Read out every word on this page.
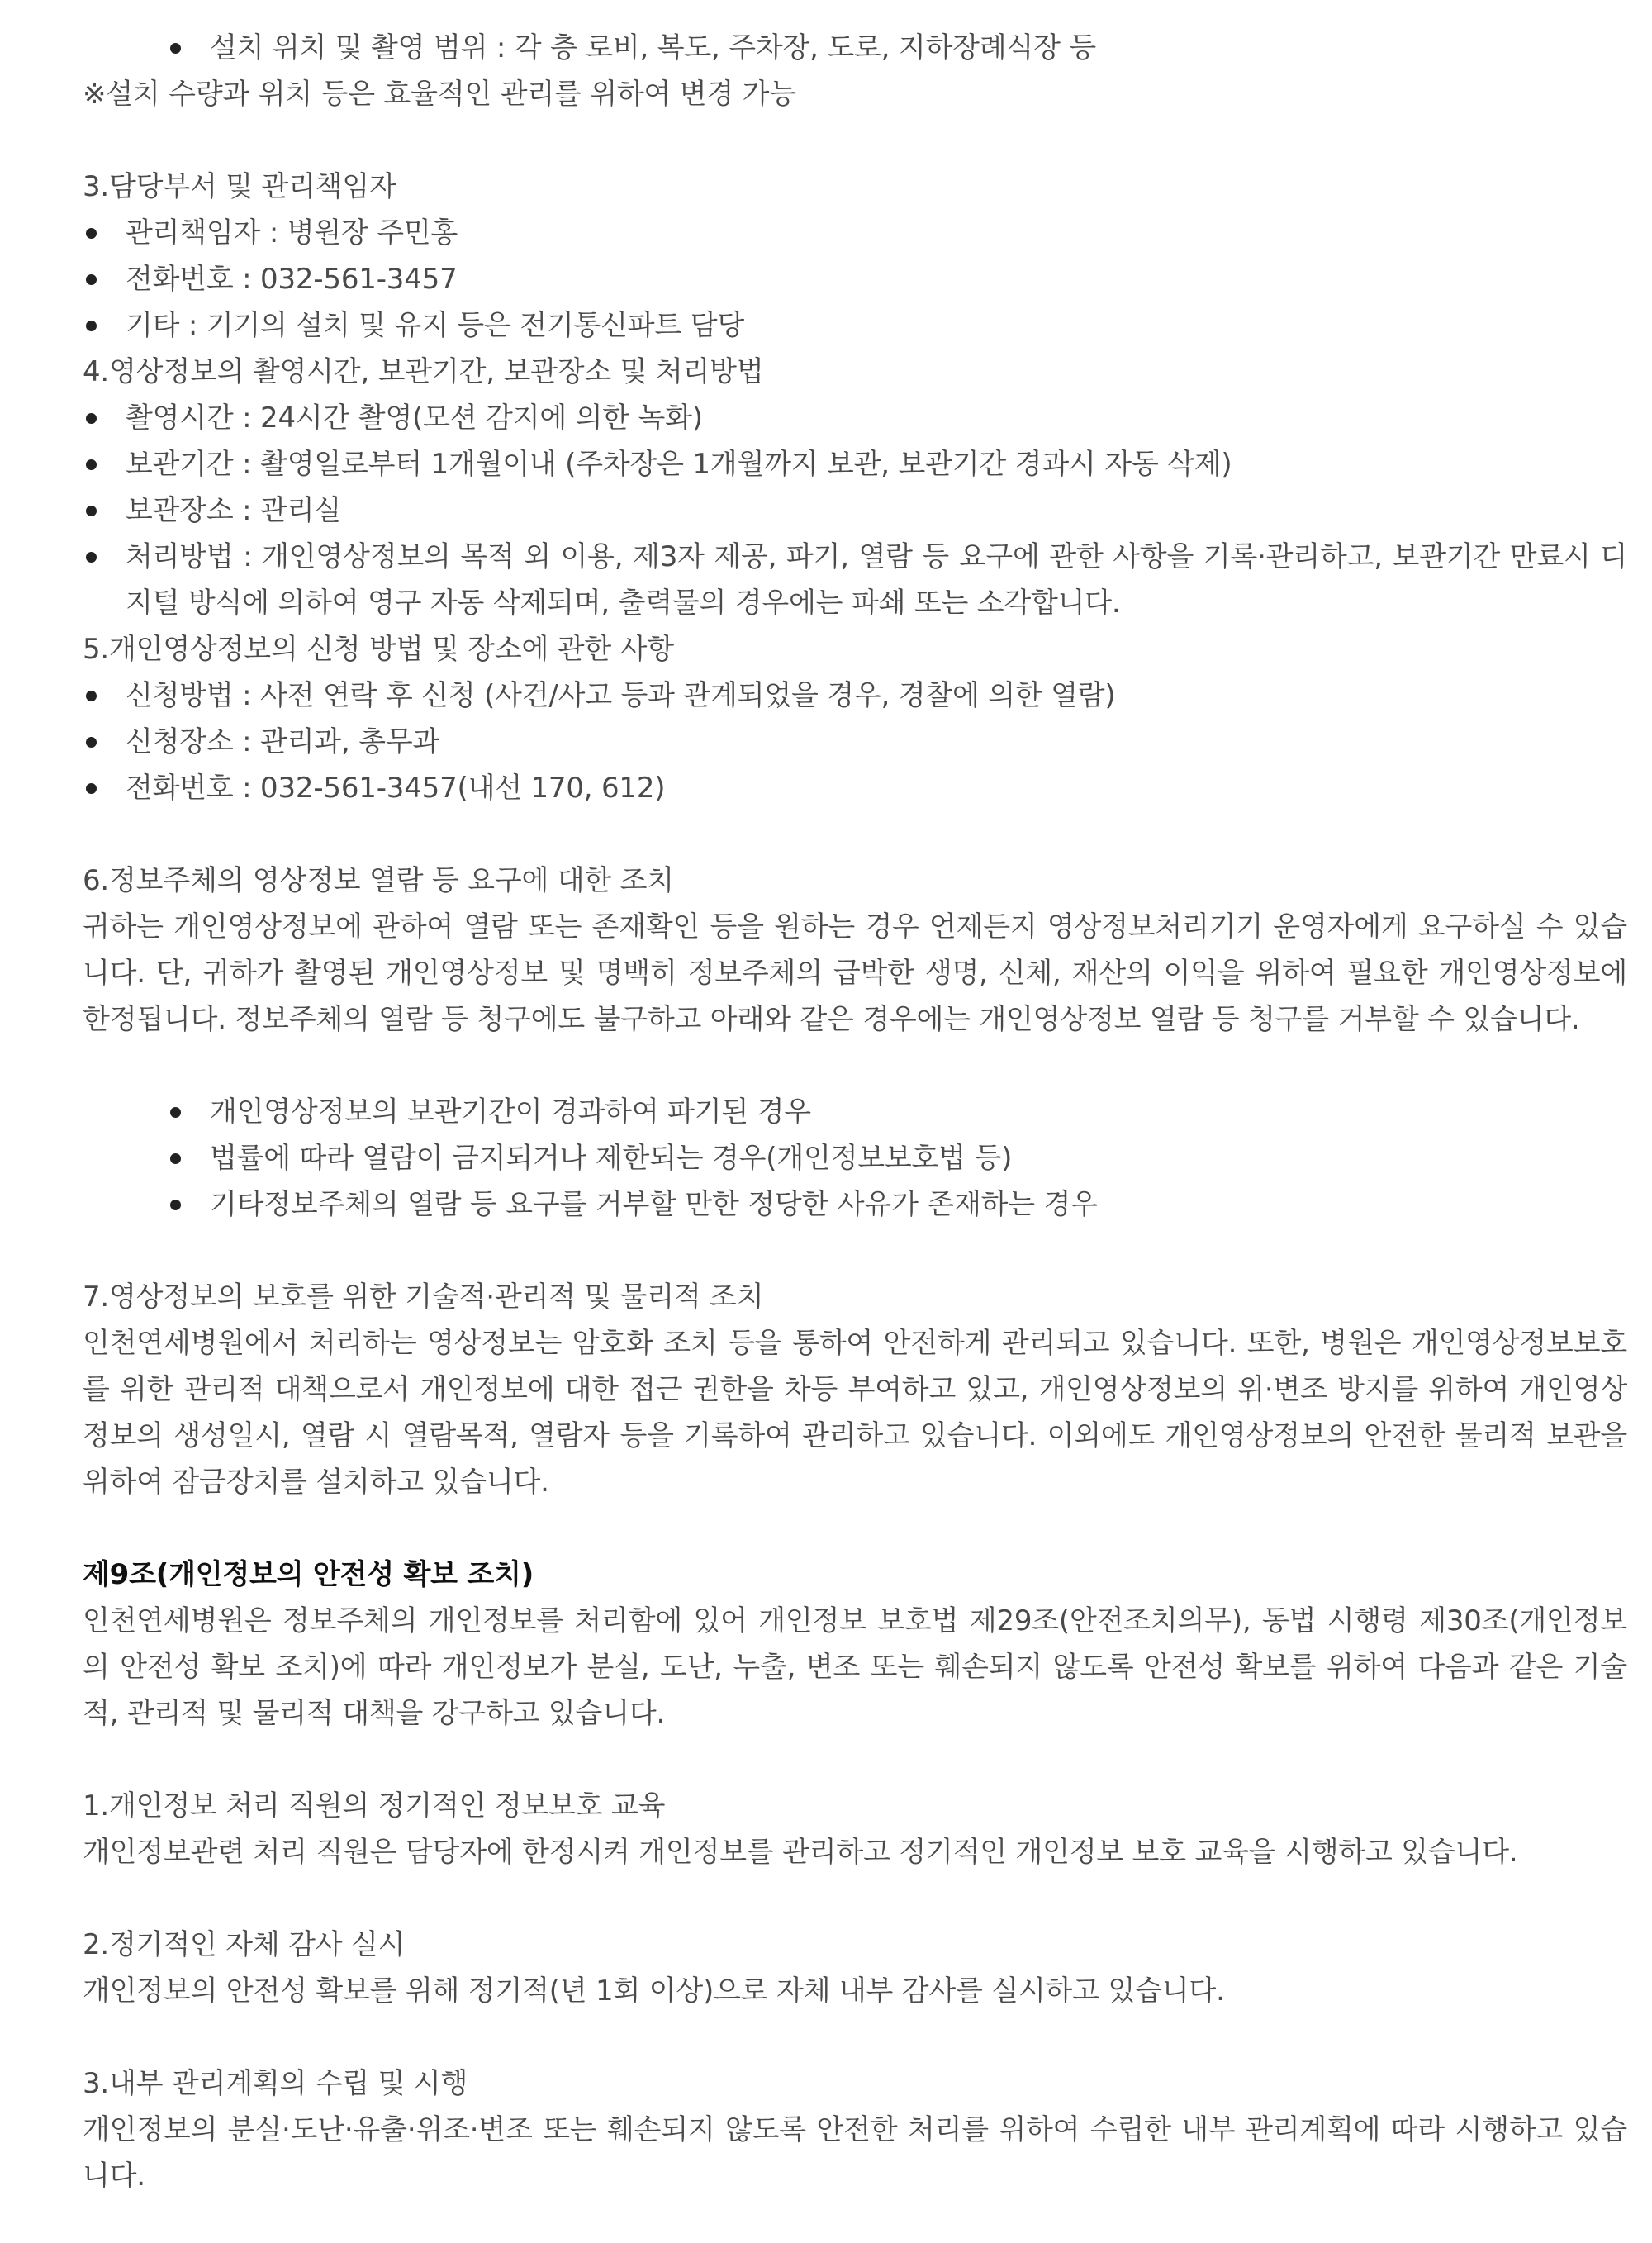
설치 위치 및 촬영 범위 : 각 층 로비, 복도, 주차장, 도로, 지하장례식장 등
※설치 수량과 위치 등은 효율적인 관리를 위하여 변경 가능
3.담당부서 및 관리책임자
관리책임자 : 병원장 주민홍
전화번호 : 032-561-3457
기타 : 기기의 설치 및 유지 등은 전기통신파트 담당
4.영상정보의 촬영시간, 보관기간, 보관장소 및 처리방법
촬영시간 : 24시간 촬영(모션 감지에 의한 녹화)
보관기간 : 촬영일로부터 1개월이내 (주차장은 1개월까지 보관, 보관기간 경과시 자동 삭제)
보관장소 : 관리실
처리방법 : 개인영상정보의 목적 외 이용, 제3자 제공, 파기, 열람 등 요구에 관한 사항을 기록·관리하고, 보관기간 만료시 디지털 방식에 의하여 영구 자동 삭제되며, 출력물의 경우에는 파쇄 또는 소각합니다.
5.개인영상정보의 신청 방법 및 장소에 관한 사항
신청방법 : 사전 연락 후 신청 (사건/사고 등과 관계되었을 경우, 경찰에 의한 열람)
신청장소 : 관리과, 총무과
전화번호 : 032-561-3457(내선 170, 612)
6.정보주체의 영상정보 열람 등 요구에 대한 조치
귀하는 개인영상정보에 관하여 열람 또는 존재확인 등을 원하는 경우 언제든지 영상정보처리기기 운영자에게 요구하실 수 있습니다. 단, 귀하가 촬영된 개인영상정보 및 명백히 정보주체의 급박한 생명, 신체, 재산의 이익을 위하여 필요한 개인영상정보에 한정됩니다. 정보주체의 열람 등 청구에도 불구하고 아래와 같은 경우에는 개인영상정보 열람 등 청구를 거부할 수 있습니다.
개인영상정보의 보관기간이 경과하여 파기된 경우
법률에 따라 열람이 금지되거나 제한되는 경우(개인정보보호법 등)
기타정보주체의 열람 등 요구를 거부할 만한 정당한 사유가 존재하는 경우
7.영상정보의 보호를 위한 기술적·관리적 및 물리적 조치
인천연세병원에서 처리하는 영상정보는 암호화 조치 등을 통하여 안전하게 관리되고 있습니다. 또한, 병원은 개인영상정보보호를 위한 관리적 대책으로서 개인정보에 대한 접근 권한을 차등 부여하고 있고, 개인영상정보의 위·변조 방지를 위하여 개인영상정보의 생성일시, 열람 시 열람목적, 열람자 등을 기록하여 관리하고 있습니다. 이외에도 개인영상정보의 안전한 물리적 보관을 위하여 잠금장치를 설치하고 있습니다.
제9조(개인정보의 안전성 확보 조치)
인천연세병원은 정보주체의 개인정보를 처리함에 있어 개인정보 보호법 제29조(안전조치의무), 동법 시행령 제30조(개인정보의 안전성 확보 조치)에 따라 개인정보가 분실, 도난, 누출, 변조 또는 훼손되지 않도록 안전성 확보를 위하여 다음과 같은 기술적, 관리적 및 물리적 대책을 강구하고 있습니다.
1.개인정보 처리 직원의 정기적인 정보보호 교육
개인정보관련 처리 직원은 담당자에 한정시켜 개인정보를 관리하고 정기적인 개인정보 보호 교육을 시행하고 있습니다.
2.정기적인 자체 감사 실시
개인정보의 안전성 확보를 위해 정기적(년 1회 이상)으로 자체 내부 감사를 실시하고 있습니다.
3.내부 관리계획의 수립 및 시행
개인정보의 분실·도난·유출·위조·변조 또는 훼손되지 않도록 안전한 처리를 위하여 수립한 내부 관리계획에 따라 시행하고 있습니다.
